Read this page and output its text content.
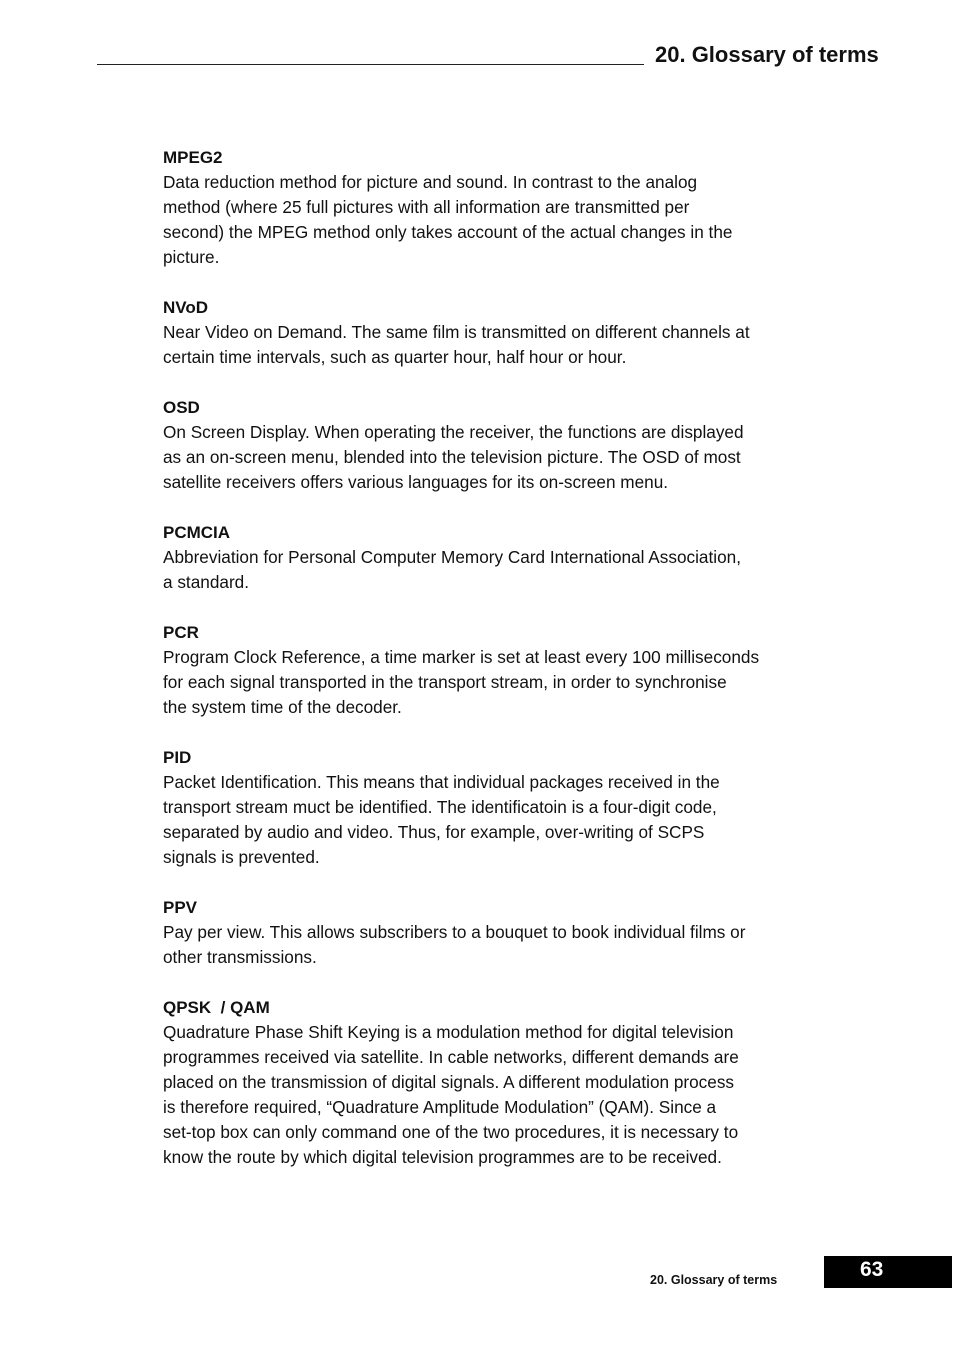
20. Glossary of terms
MPEG2

Data reduction method for picture and sound. In contrast to the analog
method (where 25 full pictures with all information are transmitted per
second) the MPEG method only takes account of the actual changes in the
picture.

NVoD

Near Video on Demand. The same film is transmitted on different channels at
certain time intervals, such as quarter hour, half hour or hour.

OSD

On Screen Display. When operating the receiver, the functions are displayed
as an on-screen menu, blended into the television picture. The OSD of most
satellite receivers offers various languages for its on-screen menu.

PCMCIA

Abbreviation for Personal Computer Memory Card International Association,
a standard.

PCR

Program Clock Reference, a time marker is set at least every 100 milliseconds
for each signal transported in the transport stream, in order to synchronise
the system time of the decoder.

PID

Packet Identification. This means that individual packages received in the
transport stream muct be identified. The identificatoin is a four-digit code,
separated by audio and video. Thus, for example, over-writing of SCPS
signals is prevented.

PPV

Pay per view. This allows subscribers to a bouquet to book individual films or
other transmissions.

QPSK  / QAM

Quadrature Phase Shift Keying is a modulation method for digital television
programmes received via satellite. In cable networks, different demands are
placed on the transmission of digital signals. A different modulation process
is therefore required, “Quadrature Amplitude Modulation” (QAM). Since a
set-top box can only command one of the two procedures, it is necessary to
know the route by which digital television programmes are to be received.

20. Glossary of terms	63
